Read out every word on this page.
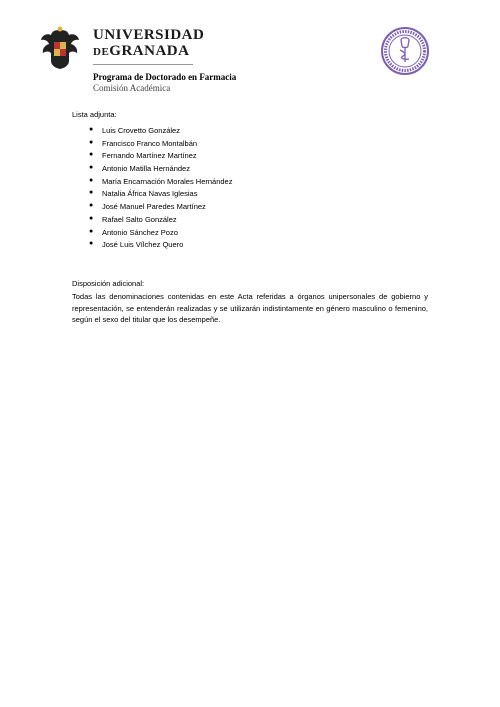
UNIVERSIDAD
DEGRANADA
Programa de Doctorado en Farmacia
Comisión Académica
Lista adjunta:
● Luis Crovetto González
● Francisco Franco Montalbán
● Fernando Martínez Martínez
● Antonio Matilla Hernández
● María Encarnación Morales Hernández
● Natalia África Navas Iglesias
● José Manuel Paredes Martínez
● Rafael Salto González
● Antonio Sánchez Pozo
● José Luis Vílchez Quero
Disposición adicional:
Todas las denominaciones contenidas en este Acta referidas a órganos unipersonales de gobierno y representación, se entenderán realizadas y se utilizarán indistintamente en género masculino o femenino, según el sexo del titular que los desempeñe.
